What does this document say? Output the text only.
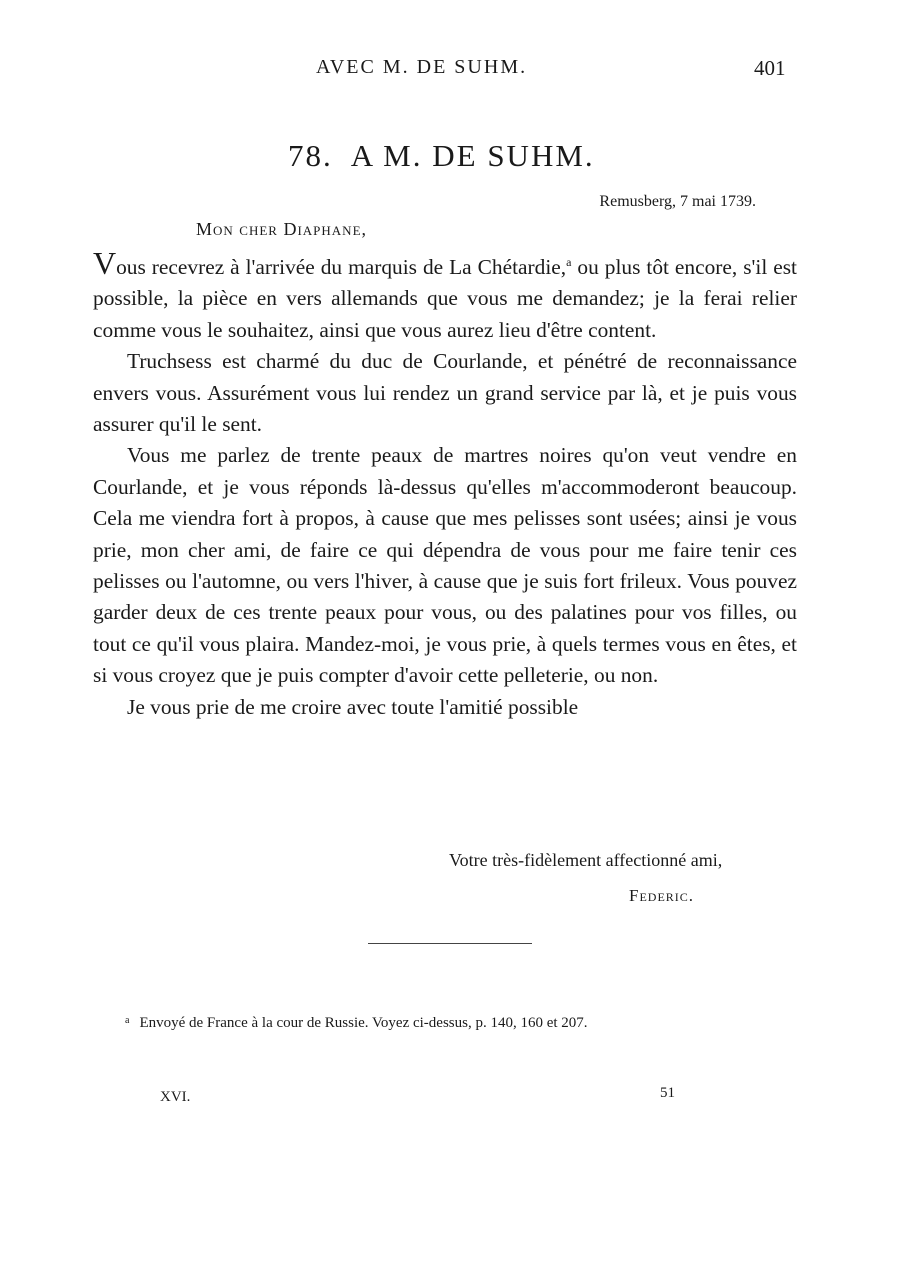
AVEC M. DE SUHM.	401
78. A M. DE SUHM.
Remusberg, 7 mai 1739.
Mon cher Diaphane,

Vous recevrez à l'arrivée du marquis de La Chétardie,$^a$ ou plus tôt encore, s'il est possible, la pièce en vers allemands que vous me demandez; je la ferai relier comme vous le souhaitez, ainsi que vous aurez lieu d'être content.

Truchsess est charmé du duc de Courlande, et pénétré de reconnaissance envers vous. Assurément vous lui rendez un grand service par là, et je puis vous assurer qu'il le sent.

Vous me parlez de trente peaux de martres noires qu'on veut vendre en Courlande, et je vous réponds là-dessus qu'elles m'accommoderont beaucoup. Cela me viendra fort à propos, à cause que mes pelisses sont usées; ainsi je vous prie, mon cher ami, de faire ce qui dépendra de vous pour me faire tenir ces pelisses ou l'automne, ou vers l'hiver, à cause que je suis fort frileux. Vous pouvez garder deux de ces trente peaux pour vous, ou des palatines pour vos filles, ou tout ce qu'il vous plaira. Mandez-moi, je vous prie, à quels termes vous en êtes, et si vous croyez que je puis compter d'avoir cette pelleterie, ou non.

Je vous prie de me croire avec toute l'amitié possible

Votre très-fidèlement affectionné ami,
Federic.
$^a$ Envoyé de France à la cour de Russie. Voyez ci-dessus, p. 140, 160 et 207.
XVI.	51
